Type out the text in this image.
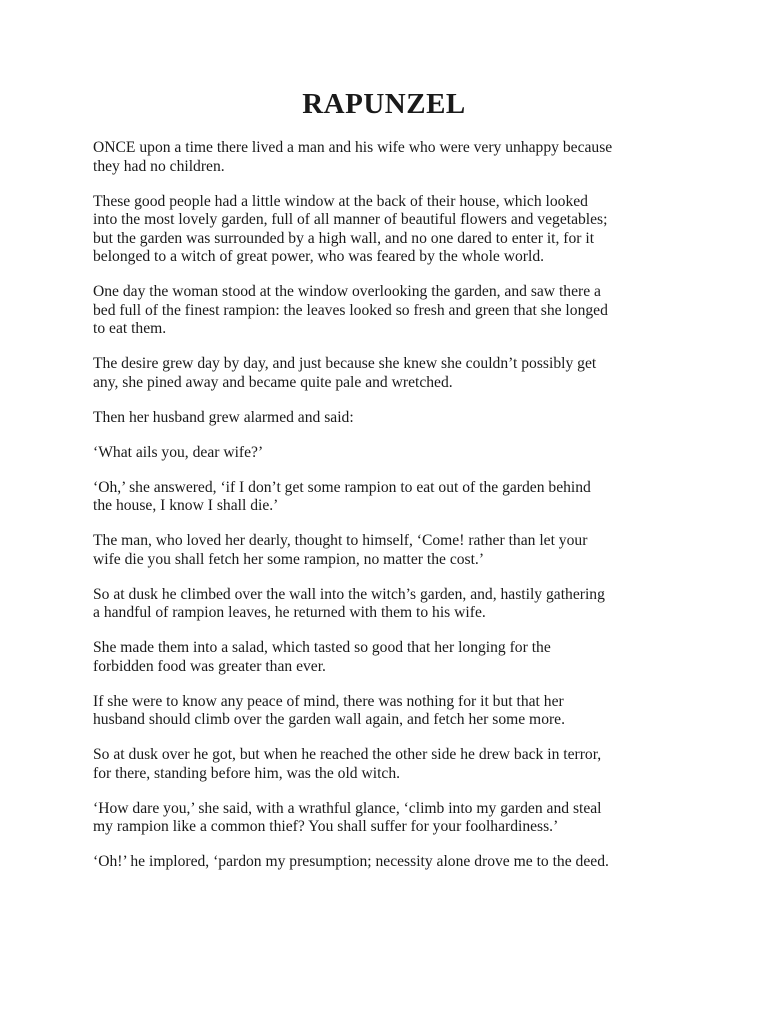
RAPUNZEL

ONCE upon a time there lived a man and his wife who were very unhappy because
they had no children.

These good people had a little window at the back of their house, which looked
into the most lovely garden, full of all manner of beautiful flowers and vegetables;
but the garden was surrounded by a high wall, and no one dared to enter it, for it
belonged to a witch of great power, who was feared by the whole world.

One day the woman stood at the window overlooking the garden, and saw there a
bed full of the finest rampion: the leaves looked so fresh and green that she longed
to eat them.

The desire grew day by day, and just because she knew she couldn’t possibly get
any, she pined away and became quite pale and wretched.

Then her husband grew alarmed and said:

‘What ails you, dear wife?’

‘Oh,’ she answered, ‘if I don’t get some rampion to eat out of the garden behind
the house, I know I shall die.’

The man, who loved her dearly, thought to himself, ‘Come! rather than let your
wife die you shall fetch her some rampion, no matter the cost.’

So at dusk he climbed over the wall into the witch’s garden, and, hastily gathering
a handful of rampion leaves, he returned with them to his wife.

She made them into a salad, which tasted so good that her longing for the
forbidden food was greater than ever.

If she were to know any peace of mind, there was nothing for it but that her
husband should climb over the garden wall again, and fetch her some more.

So at dusk over he got, but when he reached the other side he drew back in terror,
for there, standing before him, was the old witch.

‘How dare you,’ she said, with a wrathful glance, ‘climb into my garden and steal
my rampion like a common thief? You shall suffer for your foolhardiness.’

‘Oh!’ he implored, ‘pardon my presumption; necessity alone drove me to the deed.
